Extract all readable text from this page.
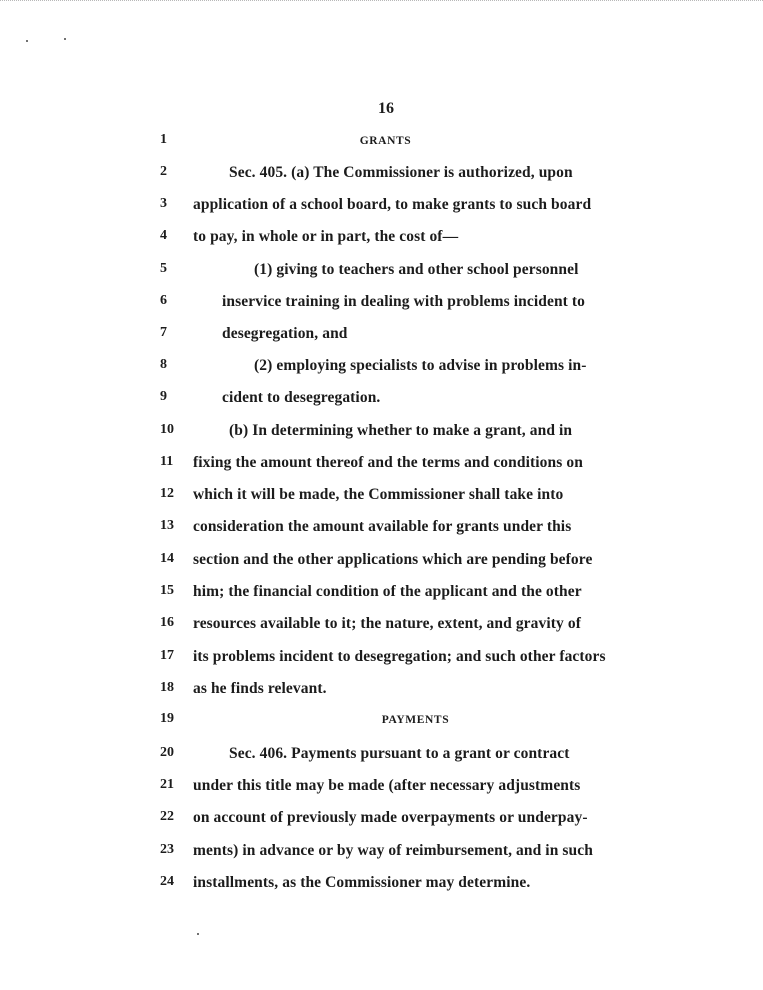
16
1	GRANTS
2	Sec. 405. (a) The Commissioner is authorized, upon
3	application of a school board, to make grants to such board
4	to pay, in whole or in part, the cost of—
5	(1) giving to teachers and other school personnel
6	inservice training in dealing with problems incident to
7	desegregation, and
8	(2) employing specialists to advise in problems in-
9	cident to desegregation.
10	(b) In determining whether to make a grant, and in
11	fixing the amount thereof and the terms and conditions on
12	which it will be made, the Commissioner shall take into
13	consideration the amount available for grants under this
14	section and the other applications which are pending before
15	him; the financial condition of the applicant and the other
16	resources available to it; the nature, extent, and gravity of
17	its problems incident to desegregation; and such other factors
18	as he finds relevant.
19	PAYMENTS
20	Sec. 406. Payments pursuant to a grant or contract
21	under this title may be made (after necessary adjustments
22	on account of previously made overpayments or underpay-
23	ments) in advance or by way of reimbursement, and in such
24	installments, as the Commissioner may determine.
